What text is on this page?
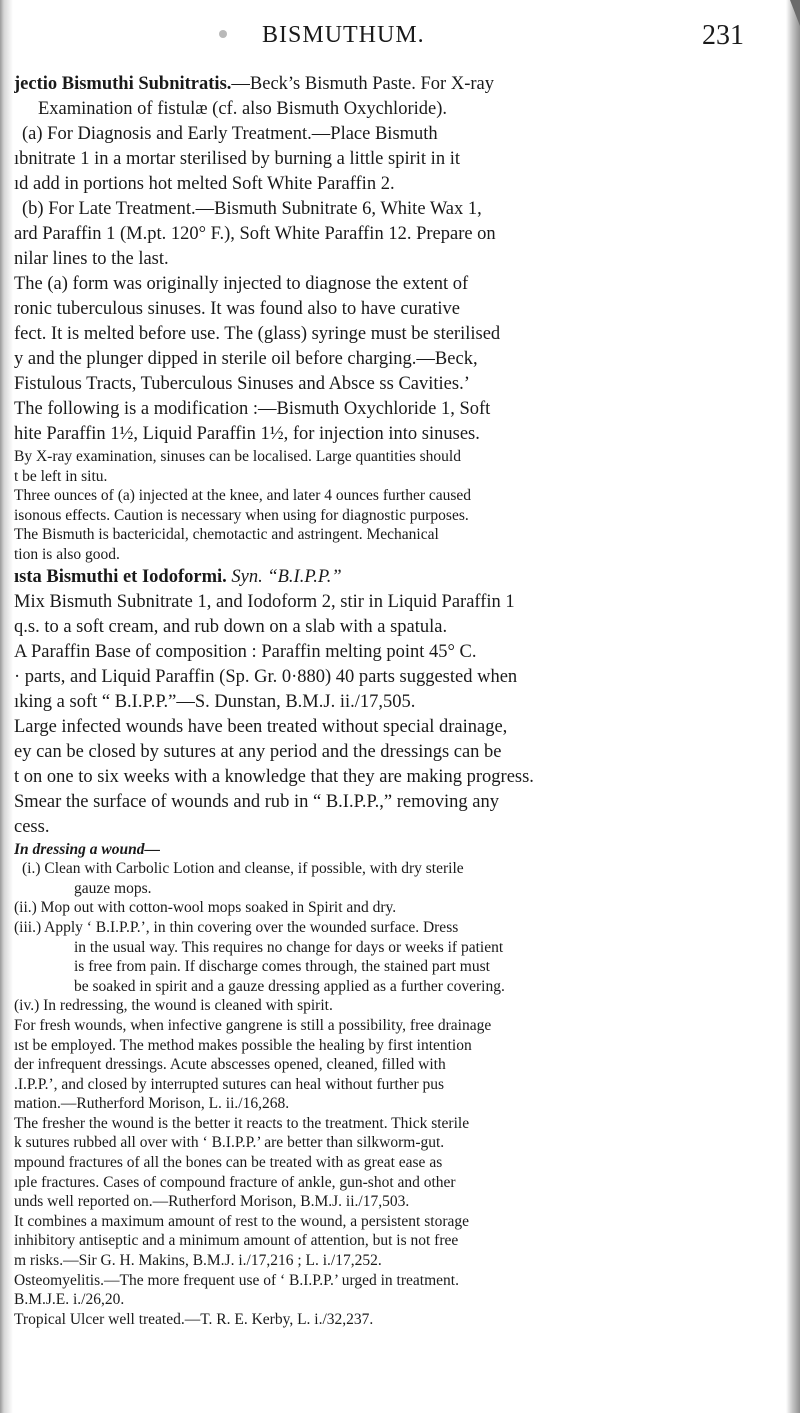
BISMUTHUM.	231
jectio Bismuthi Subnitratis.—Beck’s Bismuth Paste. For X-ray
Examination of fistulæ (cf. also Bismuth Oxychloride).
(a) For Diagnosis and Early Treatment.—Place Bismuth
ıbnitrate 1 in a mortar sterilised by burning a little spirit in it
ıd add in portions hot melted Soft White Paraffin 2.
(b) For Late Treatment.—Bismuth Subnitrate 6, White Wax 1,
ard Paraffin 1 (M.pt. 120° F.), Soft White Paraffin 12. Prepare on
nilar lines to the last.
The (a) form was originally injected to diagnose the extent of
ronic tuberculous sinuses. It was found also to have curative
fect. It is melted before use. The (glass) syringe must be sterilised
y and the plunger dipped in sterile oil before charging.—Beck,
Fistulous Tracts, Tuberculous Sinuses and Absce ss Cavities.’
The following is a modification :—Bismuth Oxychloride 1, Soft
hite Paraffin 1½, Liquid Paraffin 1½, for injection into sinuses.
By X-ray examination, sinuses can be localised. Large quantities should
t be left in situ.
Three ounces of (a) injected at the knee, and later 4 ounces further caused
isonous effects. Caution is necessary when using for diagnostic purposes.
The Bismuth is bactericidal, chemotactic and astringent. Mechanical
tion is also good.
ısta Bismuthi et Iodoformi. Syn. “B.I.P.P.”
Mix Bismuth Subnitrate 1, and Iodoform 2, stir in Liquid Paraffin 1
q.s. to a soft cream, and rub down on a slab with a spatula.
A Paraffin Base of composition : Paraffin melting point 45° C.
· parts, and Liquid Paraffin (Sp. Gr. 0·880) 40 parts suggested when
ıking a soft “ B.I.P.P.”—S. Dunstan, B.M.J. ii./17,505.
Large infected wounds have been treated without special drainage,
ey can be closed by sutures at any period and the dressings can be
t on one to six weeks with a knowledge that they are making progress.
Smear the surface of wounds and rub in “ B.I.P.P.,” removing any
cess.
In dressing a wound—
(i.) Clean with Carbolic Lotion and cleanse, if possible, with dry sterile
gauze mops.
(ii.) Mop out with cotton-wool mops soaked in Spirit and dry.
(iii.) Apply ‘ B.I.P.P.’, in thin covering over the wounded surface. Dress
in the usual way. This requires no change for days or weeks if patient
is free from pain. If discharge comes through, the stained part must
be soaked in spirit and a gauze dressing applied as a further covering.
(iv.) In redressing, the wound is cleaned with spirit.
For fresh wounds, when infective gangrene is still a possibility, free drainage
ıst be employed. The method makes possible the healing by first intention
der infrequent dressings. Acute abscesses opened, cleaned, filled with
.I.P.P.’, and closed by interrupted sutures can heal without further pus
mation.—Rutherford Morison, L. ii./16,268.
The fresher the wound is the better it reacts to the treatment. Thick sterile
k sutures rubbed all over with ‘ B.I.P.P.’ are better than silkworm-gut.
mpound fractures of all the bones can be treated with as great ease as
ıple fractures. Cases of compound fracture of ankle, gun-shot and other
unds well reported on.—Rutherford Morison, B.M.J. ii./17,503.
It combines a maximum amount of rest to the wound, a persistent storage
inhibitory antiseptic and a minimum amount of attention, but is not free
m risks.—Sir G. H. Makins, B.M.J. i./17,216 ; L. i./17,252.
Osteomyelitis.—The more frequent use of ‘ B.I.P.P.’ urged in treatment.
B.M.J.E. i./26,20.
Tropical Ulcer well treated.—T. R. E. Kerby, L. i./32,237.
